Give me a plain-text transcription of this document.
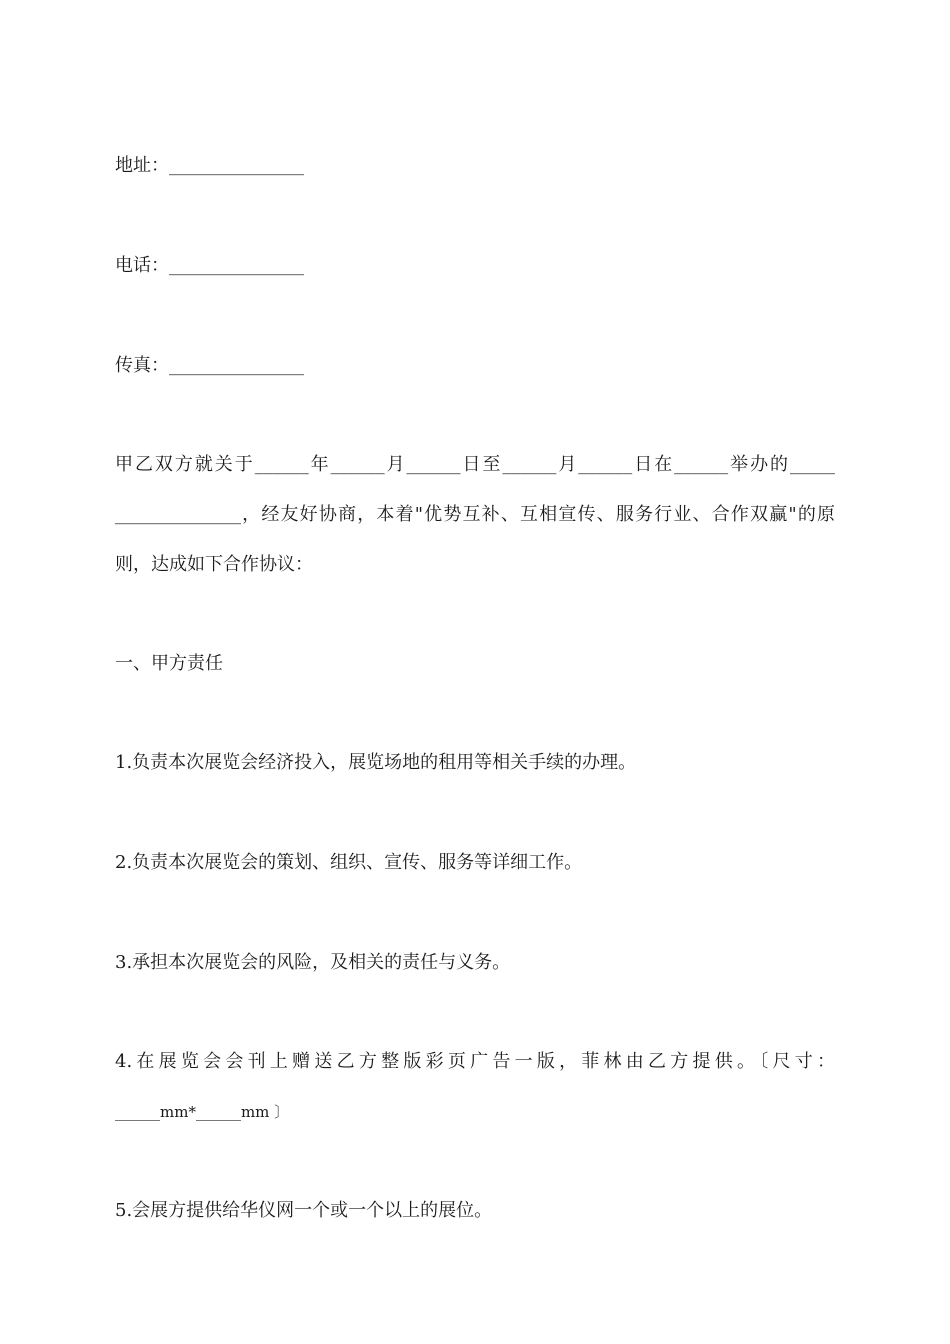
地址：_______________
电话：_______________
传真：_______________
甲乙双方就关于______年______月______日至______月______日在______举办的_____
______________，经友好协商，本着"优势互补、互相宣传、服务行业、合作双赢"的原
则，达成如下合作协议：
一、甲方责任
1.负责本次展览会经济投入，展览场地的租用等相关手续的办理。
2.负责本次展览会的策划、组织、宣传、服务等详细工作。
3.承担本次展览会的风险，及相关的责任与义务。
4.在展览会会刊上赠送乙方整版彩页广告一版，菲林由乙方提供。〔尺寸：
______mm*______mm 〕
5.会展方提供给华仪网一个或一个以上的展位。
